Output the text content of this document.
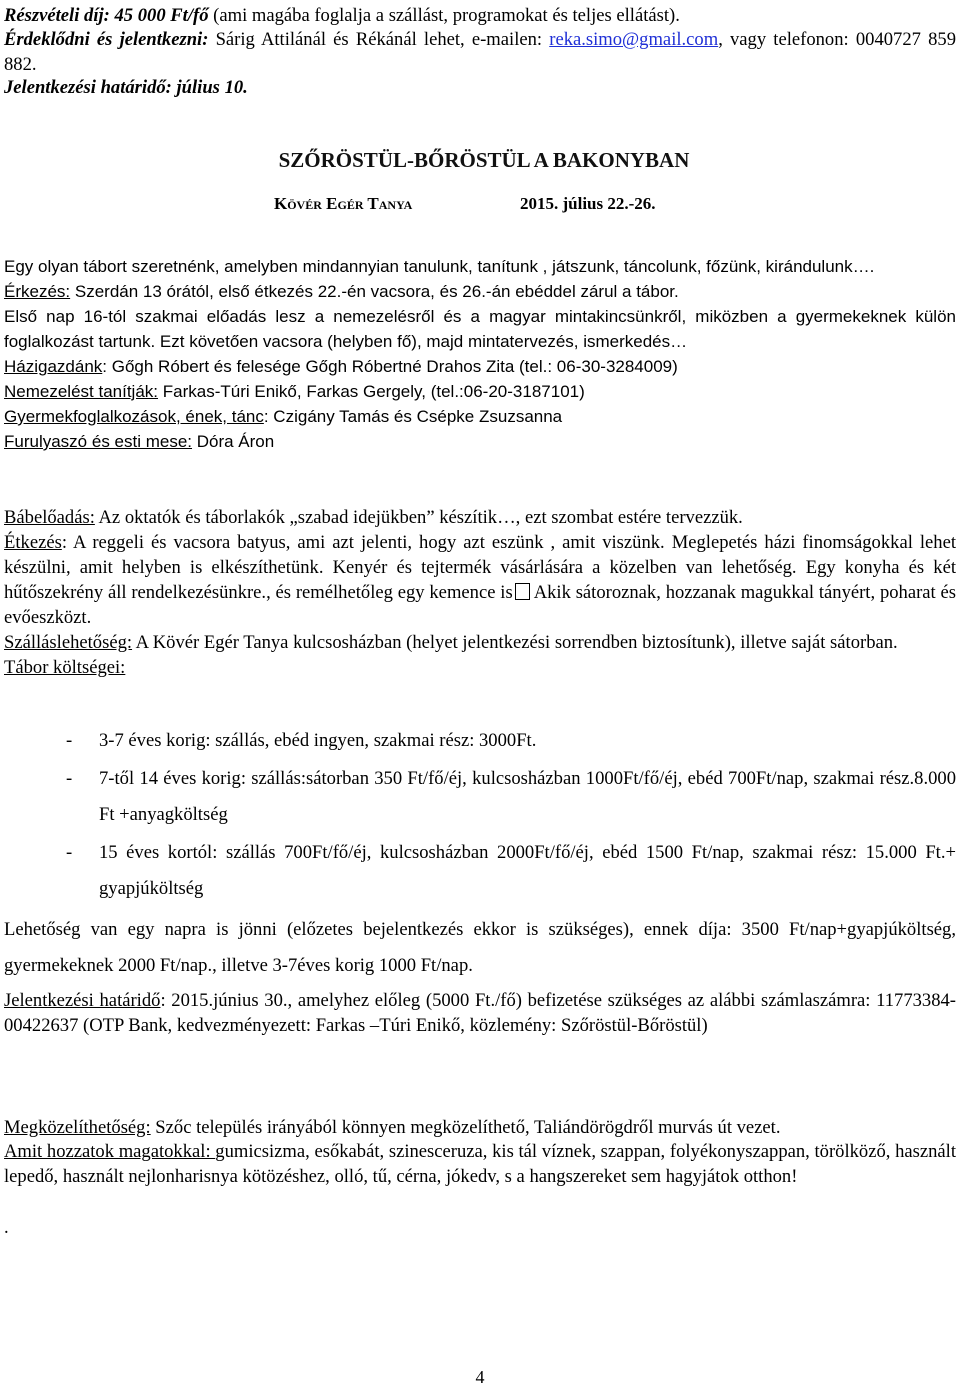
Részvételi díj: 45 000 Ft/fő (ami magába foglalja a szállást, programokat és teljes ellátást).

Érdeklődni és jelentkezni: Sárig Attilánál és Rékánál lehet, e-mailen: reka.simo@gmail.com, vagy telefonon: 0040727 859 882.

Jelentkezési határidő: július 10.

SZŐRÖSTÜL-BŐRÖSTÜL A BAKONYBAN

Kövér Egér Tanya	2015. július 22.-26.

Egy olyan tábort szeretnénk, amelyben mindannyian tanulunk, tanítunk , játszunk, táncolunk, főzünk, kirándulunk….

Érkezés: Szerdán 13 órától, első étkezés 22.-én vacsora, és 26.-án ebéddel zárul a tábor.

Első nap 16-tól szakmai előadás lesz a nemezelésről és a magyar mintakincsünkről, miközben a gyermekeknek külön foglalkozást tartunk. Ezt követően vacsora (helyben fő), majd mintatervezés, ismerkedés…

Házigazdánk: Gőgh Róbert és felesége Gőgh Róbertné Drahos Zita (tel.: 06-30-3284009)

Nemezelést tanítják: Farkas-Túri Enikő, Farkas Gergely, (tel.:06-20-3187101)

Gyermekfoglalkozások, ének, tánc: Czigány Tamás és Csépke Zsuzsanna

Furulyaszó és esti mese: Dóra Áron

Bábelőadás: Az oktatók és táborlakók „szabad idejükben” készítik…, ezt szombat estére tervezzük.

Étkezés: A reggeli és vacsora batyus, ami azt jelenti, hogy azt eszünk , amit viszünk. Meglepetés házi finomságokkal lehet készülni, amit helyben is elkészíthetünk. Kenyér és tejtermék vásárlására a közelben van lehetőség. Egy konyha és két hűtőszekrény áll rendelkezésünkre., és remélhetőleg egy kemence is Akik sátoroznak, hozzanak magukkal tányért, poharat és evőeszközt.

Szálláslehetőség: A Kövér Egér Tanya kulcsosházban (helyet jelentkezési sorrendben biztosítunk), illetve saját sátorban.

Tábor költségei:

- 3-7 éves korig: szállás, ebéd ingyen, szakmai rész: 3000Ft.
- 7-től 14 éves korig: szállás:sátorban 350 Ft/fő/éj, kulcsosházban 1000Ft/fő/éj, ebéd 700Ft/nap, szakmai rész.8.000 Ft +anyagköltség
- 15 éves kortól: szállás 700Ft/fő/éj, kulcsosházban 2000Ft/fő/éj, ebéd 1500 Ft/nap, szakmai rész: 15.000 Ft.+ gyapjúköltség

Lehetőség van egy napra is jönni (előzetes bejelentkezés ekkor is szükséges), ennek díja: 3500 Ft/nap+gyapjúköltség, gyermekeknek 2000 Ft/nap., illetve 3-7éves korig 1000 Ft/nap.

Jelentkezési határidő: 2015.június 30., amelyhez előleg (5000 Ft./fő) befizetése szükséges az alábbi számlaszámra: 11773384-00422637 (OTP Bank, kedvezményezett: Farkas –Túri Enikő, közlemény: Szőröstül-Bőröstül)

Megközelíthetőség: Szőc település irányából könnyen megközelíthető, Taliándörögdről murvás út vezet.

Amit hozzatok magatokkal: gumicsizma, esőkabát, szinesceruza, kis tál víznek, szappan, folyékonyszappan, törölköző, használt lepedő, használt nejlonharisnya kötözéshez, olló, tű, cérna, jókedv, s a hangszereket sem hagyjátok otthon!

.

4
